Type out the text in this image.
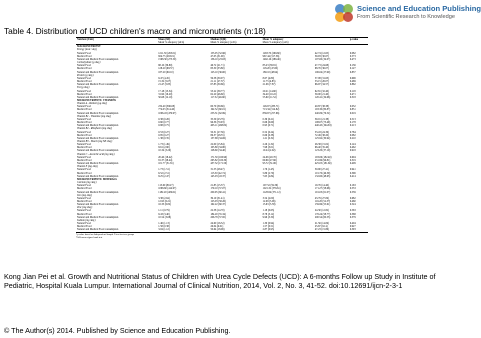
Science and Education Publishing
From Scientific Research to Knowledge
Table 4. Distribution of UCD children's macro and micronutrients (n:18)
Nutrient (Unit)	Mean (SD)	Median (IQR)	Mean % adequacy		p-value
	Mean % adequacy (sd/n)	Mean % adequacy (sd/n)	Mean % adequacy (sd/n)		
MACRONUTRIENT					
Energy (kcal / day)					
Natural Food	1211.30 (263.01)	153.05 (52.96)	1263.70 (269.60)	42.74 (12.65)	0.082
Medical Food	824.75 (263.01)	47.05 (31.90)	967.44 (317.36)	39.93 (30.67)	0.573
Natural and Medical Food consumption	1598.30 (273.50)	136.10 (23.63)	1462.16 (286.46)	107.60 (34.07)	0.473
Carbohydrate (g /day)					
Natural Food	68.10 (36.80)	46.72 (21.71)	83.23 (38.81)	47.73 (24.68)	0.136
Medical Food	128.20 (68.57)	83.30 (33.80)	118.20 (47.60)	68.76 (36.07)	0.127
Natural and Medical Food consumption	187.20 (60.10)	123.10 (36.60)	180.10 (48.94)	106.04 (27.90)	0.837
Protein (g /day)					
Natural Food	9.47 (4.45)	59.58 (30.07)	8.67 (4.80)	57.08 (31.63)	0.696
Medical Food	15.32 (5.07)	21.11 (27.37)	11.73 (4.83)	53.15 (26.07)	0.469
Natural and Medical Food consumption	21.47 (5.85)	67.83 (30.66)	21.06 (7.87)	66.97 (34.57)	0.862
Fat (g /day)					
Natural Food	17.18 (13.34)	53.22 (39.77)	20.21 (14.60)	62.81 (32.40)	0.118
Medical Food	31.90 (16.20)	62.20 (46.60)	34.40 (10.22)	59.00 (21.40)	0.471
Natural and Medical Food consumption	50.68 (12.10)	117.52 (46.60)	55.60 (11.52)	120.41 (34.66)	0.318
MICRONUTRIENTS: VITAMINS					
Vitamin A - Retinol (µg /day)					
Natural Food	232.40 (396.08)	60.79 (39.66)	126.67 (283.71)	40.87 (38.38)	0.032
Medical Food	774.03 (314.40)	192.52 (60.01)	713.34 (314.82)	193.30 (80.87)	0.851
Natural and Medical Food consumption	1006.43 (479.97)	253.31 (62.99)	839.67 (257.66)	240.09 (76.52)	0.019
Vitamin B1 - Thiamine (mg /day)					
Natural Food	0.38 (0.26)	35.59 (23.79)	0.39 (0.21)	39.01 (21.38)	0.513
Medical Food	0.60 (0.77)	96.36 (70.93)	0.66 (0.69)	108.67 (73.49)	0.178
Natural and Medical Food consumption	0.98 (0.75)	403.11 (268.82)	0.95 (0.71)	440.45 (194.63)	0.213
Vitamin B2 - Riboflavin (mg /day)					
Natural Food	0.53 (0.27)	50.31 (27.36)	0.52 (0.24)	53.43 (24.36)	0.784
Medical Food	0.85 (0.27)	86.37 (28.55)	0.69 (0.38)	72.49 (38.20)	0.082
Natural and Medical Food consumption	1.38 (0.35)	137.68 (34.06)	1.21 (0.32)	125.92 (30.92)	0.210
Vitamin B3 - Niacin (mg NE /day)					
Natural Food	1.73 (1.49)	22.00 (15.84)	2.26 (1.32)	26.38 (15.02)	0.124
Medical Food	8.61 (2.90)	105.80 (34.80)	7.98 (3.01)	96.40 (35.40)	0.462
Natural and Medical Food consumption	10.34 (3.20)	128.60 (34.40)	10.24 (2.92)	123.20 (37.10)	0.918
Vitamin C - Ascorbic acid (mg /day)					
Natural Food	20.40 (18.42)	171.50 (160.90)	24.06 (20.70)	193.06 (182.40)	0.604
Medical Food	81.37 (28.44)	265.82 (100.30)	69.66 (27.66)	231.99 (96.81)	0.319
Natural and Medical Food consumption	101.77 (31.81)	437.32 (171.50)	93.72 (31.06)	425.05 (181.60)	0.409
Vitamin E (mg /day)					
Natural Food	1.73 (1.51)	31.53 (28.47)	1.76 (1.45)	30.90 (27.41)	0.941
Medical Food	6.52 (2.51)	113.50 (42.74)	5.89 (2.79)	101.70 (46.39)	0.396
Natural and Medical Food consumption	8.25 (2.47)	145.03 (43.37)	7.65 (2.84)	132.60 (48.63)	0.414
MICRONUTRIENTS: MINERALS					
Calcium (mg /day)					
Natural Food	113.60 (80.27)	21.85 (15.37)	107.52 (59.39)	19.76 (14.40)	0.163
Medical Food	1068.60 (414.97)	179.10 (57.07)	1021.32 (376.61)	171.27 (58.66)	0.553
Natural and Medical Food consumption	1182.20 (409.61)	200.95 (60.41)	1128.84 (371.12)	191.03 (61.07)	0.539
Iron (mg /day)					
Natural Food	3.38 (2.64)	39.19 (31.41)	3.54 (2.00)	43.79 (27.09)	0.682
Medical Food	12.95 (6.21)	123.03 (58.26)	12.09 (5.06)	116.20 (52.37)	0.460
Natural and Medical Food consumption	16.33 (6.82)	162.22 (60.37)	15.63 (5.58)	159.99 (55.61)	0.524
Zinc (mg /day)					
Natural Food	1.11 (0.79)	22.58 (14.70)	1.18 (0.63)	24.30 (12.82)	0.563
Medical Food	9.43 (3.40)	184.20 (55.34)	8.78 (3.12)	176.24 (58.77)	0.368
Natural and Medical Food consumption	10.54 (3.68)	206.78 (57.95)	9.96 (3.30)	200.54 (60.53)	0.379
Sodium (mg /day)					
Natural Food	1.46 (1.13)	24.60 (16.52)	1.30 (0.94)	21.56 (14.09)	0.404
Medical Food	1.58 (0.38)	26.04 (6.01)	1.57 (0.51)	25.67 (8.14)	0.927
Natural and Medical Food consumption	3.04 (1.12)	50.64 (18.06)	2.87 (0.95)	47.23 (15.86)	0.393
¹ p value based on Independent Sample T-test for two groups
² Wilcoxon signed rank test
Kong Jian Pei et al. Growth and Nutritional Status of Children with Urea Cycle Defects (UCD): A 6-months Follow up Study in Institute of Pediatric, Hospital Kuala Lumpur. International Journal of Clinical Nutrition, 2014, Vol. 2, No. 3, 41-52. doi:10.12691/ijcn-2-3-1
© The Author(s) 2014. Published by Science and Education Publishing.
